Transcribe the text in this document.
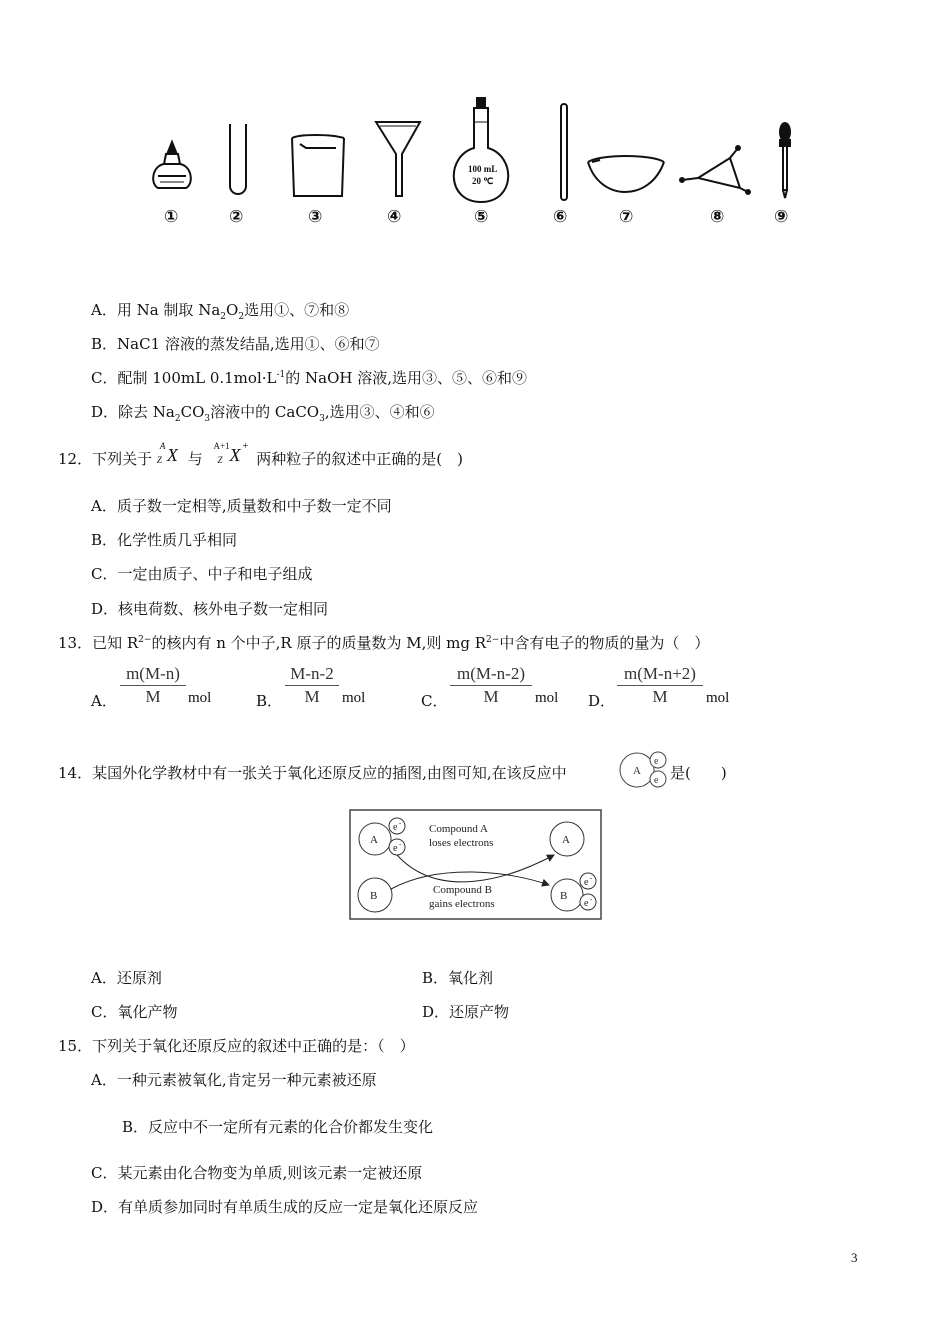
100 mL
20 ℃
①	②	③	④	⑤	⑥	⑦	⑧	⑨
A．用 Na 制取 $Na_2O_2$选用①、⑦和⑧
B．NaC1 溶液的蒸发结晶,选用①、⑥和⑦
C．配制 100mL $0.1mol\cdot L^{-1}$的 NaOH 溶液,选用③、⑤、⑥和⑨
D．除去 $Na_2CO_3$溶液中的 CaCO$_3$,选用③、④和⑥
12．下列关于
A
Z X 与
A+1
Z X +
两种粒子的叙述中正确的是(　)
A．质子数一定相等,质量数和中子数一定不同
B．化学性质几乎相同
C．一定由质子、中子和电子组成
D．核电荷数、核外电子数一定相同
13．已知 $R^{2-}$的核内有 n 个中子,R 原子的质量数为 M,则 mg $R^{2-}$中含有电子的物质的量为（　）
A．
m(M-n)
M	mol	B．
M-n-2
M	mol	C．
m(M-n-2)
M	mol D．
m(M-n+2)
M	mol
14．某国外化学教材中有一张关于氧化还原反应的插图,由图可知,在该反应中	A
e
e 是(　　)
A	A
B	B
e -
e -
e -
e -
Compound A
loses electrons
Compound B
gains electrons
A．还原剂	B．氧化剂
C．氧化产物	D．还原产物
15．下列关于氧化还原反应的叙述中正确的是：（　）
A．一种元素被氧化,肯定另一种元素被还原
B．反应中不一定所有元素的化合价都发生变化
C．某元素由化合物变为单质,则该元素一定被还原
D．有单质参加同时有单质生成的反应一定是氧化还原反应
3
